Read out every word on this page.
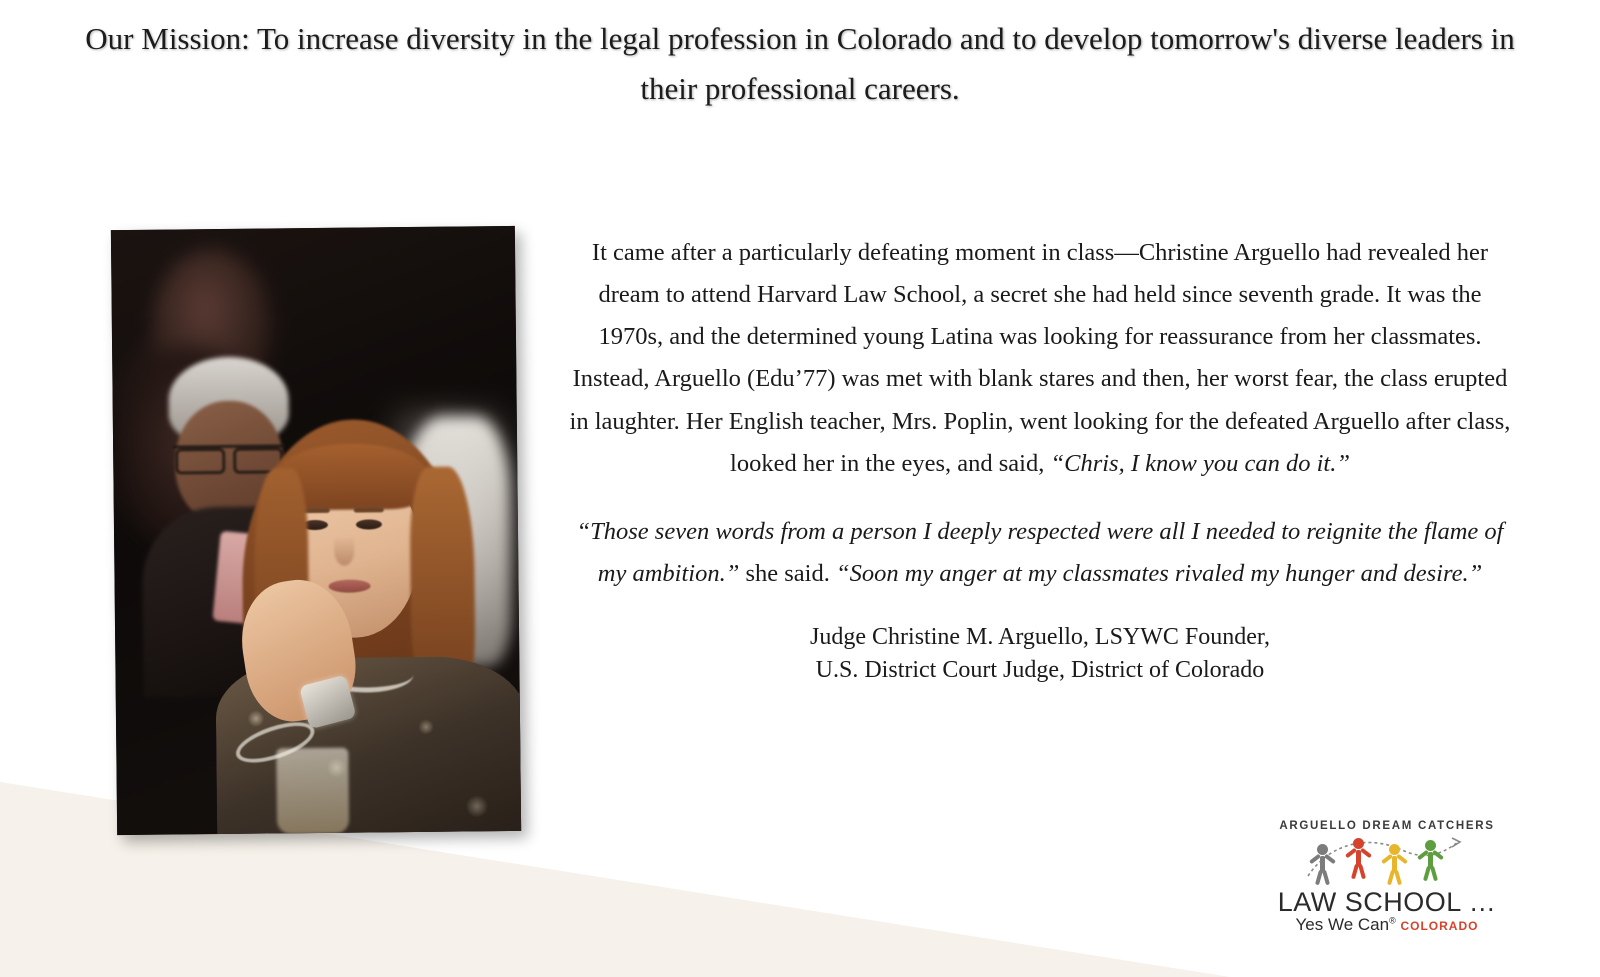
Our Mission: To increase diversity in the legal profession in Colorado and to develop tomorrow's diverse leaders in their professional careers.

It came after a particularly defeating moment in class—Christine Arguello had revealed her dream to attend Harvard Law School, a secret she had held since seventh grade. It was the 1970s, and the determined young Latina was looking for reassurance from her classmates. Instead, Arguello (Edu’77) was met with blank stares and then, her worst fear, the class erupted in laughter. Her English teacher, Mrs. Poplin, went looking for the defeated Arguello after class, looked her in the eyes, and said, “Chris, I know you can do it.”

“Those seven words from a person I deeply respected were all I needed to reignite the flame of my ambition.” she said. “Soon my anger at my classmates rivaled my hunger and desire.”

Judge Christine M. Arguello, LSYWC Founder,
U.S. District Court Judge, District of Colorado
ARGUELLO DREAM CATCHERS
LAW SCHOOL …
Yes We Can® COLORADO
